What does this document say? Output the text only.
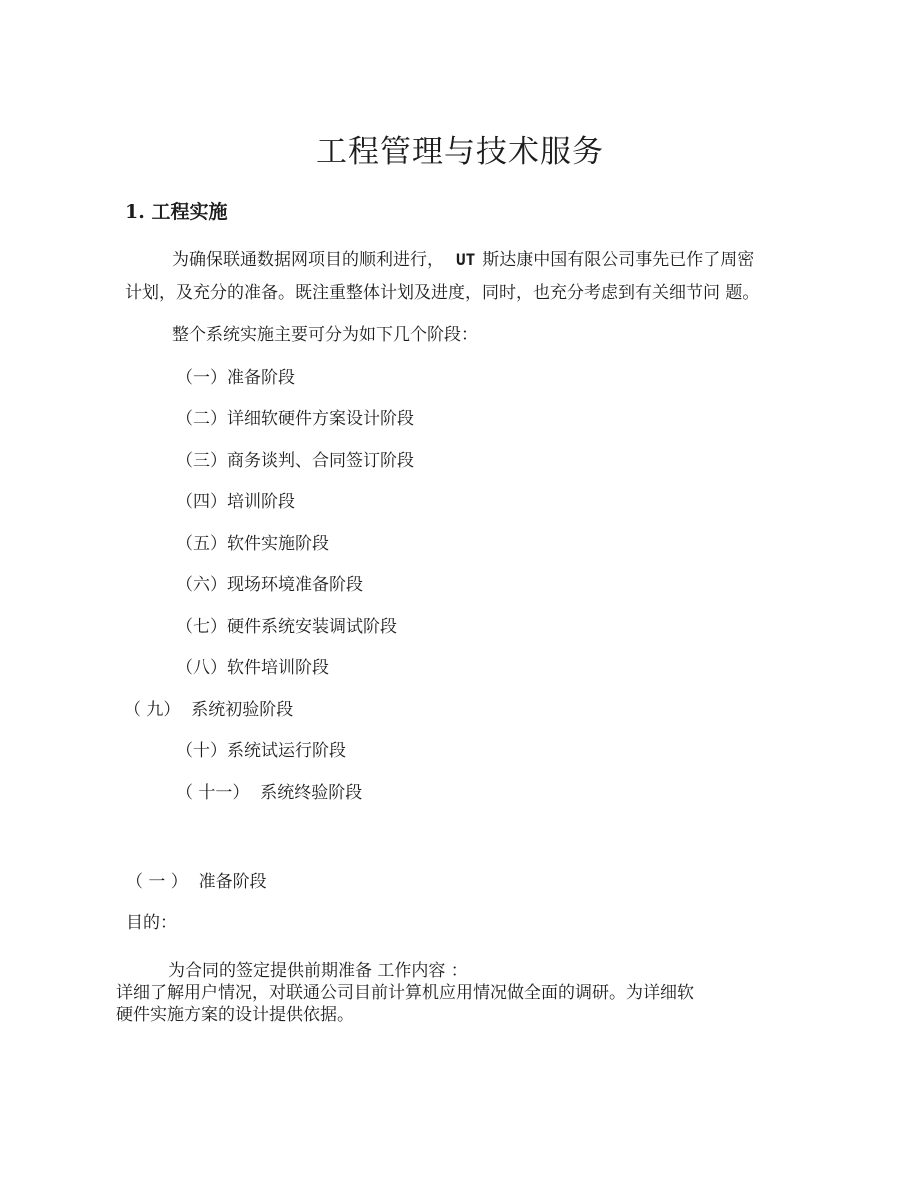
工程管理与技术服务
1. 工程实施
为确保联通数据网项目的顺利进行， UT 斯达康中国有限公司事先已作了周密
计划，及充分的准备。既注重整体计划及进度，同时，也充分考虑到有关细节问 题。
整个系统实施主要可分为如下几个阶段：
（一）准备阶段
（二）详细软硬件方案设计阶段
（三）商务谈判、合同签订阶段
（四）培训阶段
（五）软件实施阶段
（六）现场环境准备阶段
（七）硬件系统安装调试阶段
（八）软件培训阶段
（ 九）  系统初验阶段
（十）系统试运行阶段
（ 十一）  系统终验阶段
（ 一 ）  准备阶段
目的：
为合同的签定提供前期准备 工作内容 ：
详细了解用户情况，对联通公司目前计算机应用情况做全面的调研。为详细软
硬件实施方案的设计提供依据。
